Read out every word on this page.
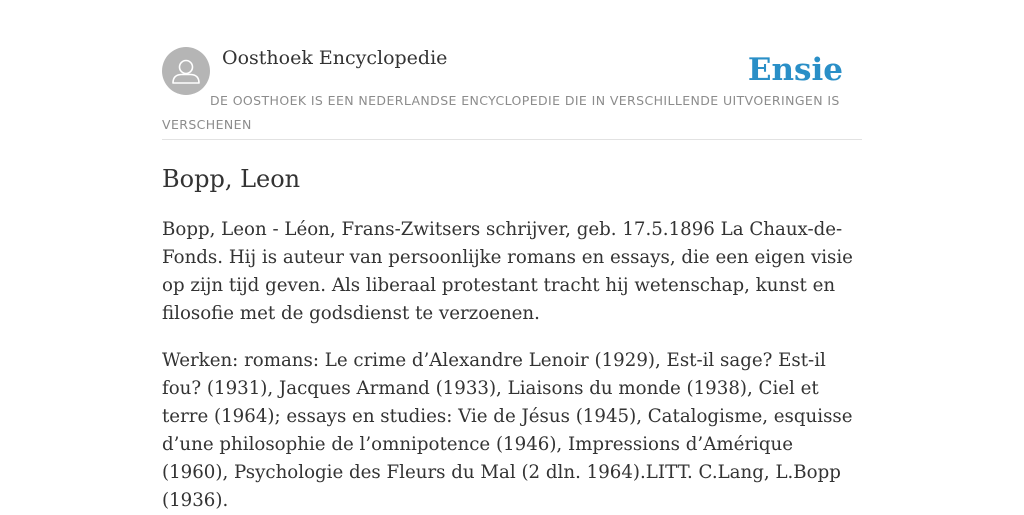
Oosthoek Encyclopedie	Ensie

DE OOSTHOEK IS EEN NEDERLANDSE ENCYCLOPEDIE DIE IN VERSCHILLENDE UITVOERINGEN IS VERSCHENEN

Bopp, Leon

Bopp, Leon - Léon, Frans-Zwitsers schrijver, geb. 17.5.1896 La Chaux-de-Fonds. Hij is auteur van persoonlijke romans en essays, die een eigen visie op zijn tijd geven. Als liberaal protestant tracht hij wetenschap, kunst en filosofie met de godsdienst te verzoenen.

Werken: romans: Le crime d’Alexandre Lenoir (1929), Est-il sage? Est-il fou? (1931), Jacques Armand (1933), Liaisons du monde (1938), Ciel et terre (1964); essays en studies: Vie de Jésus (1945), Catalogisme, esquisse d’une philosophie de l’omnipotence (1946), Impressions d’Amérique (1960), Psychologie des Fleurs du Mal (2 dln. 1964).LITT. C.Lang, L.Bopp (1936).
